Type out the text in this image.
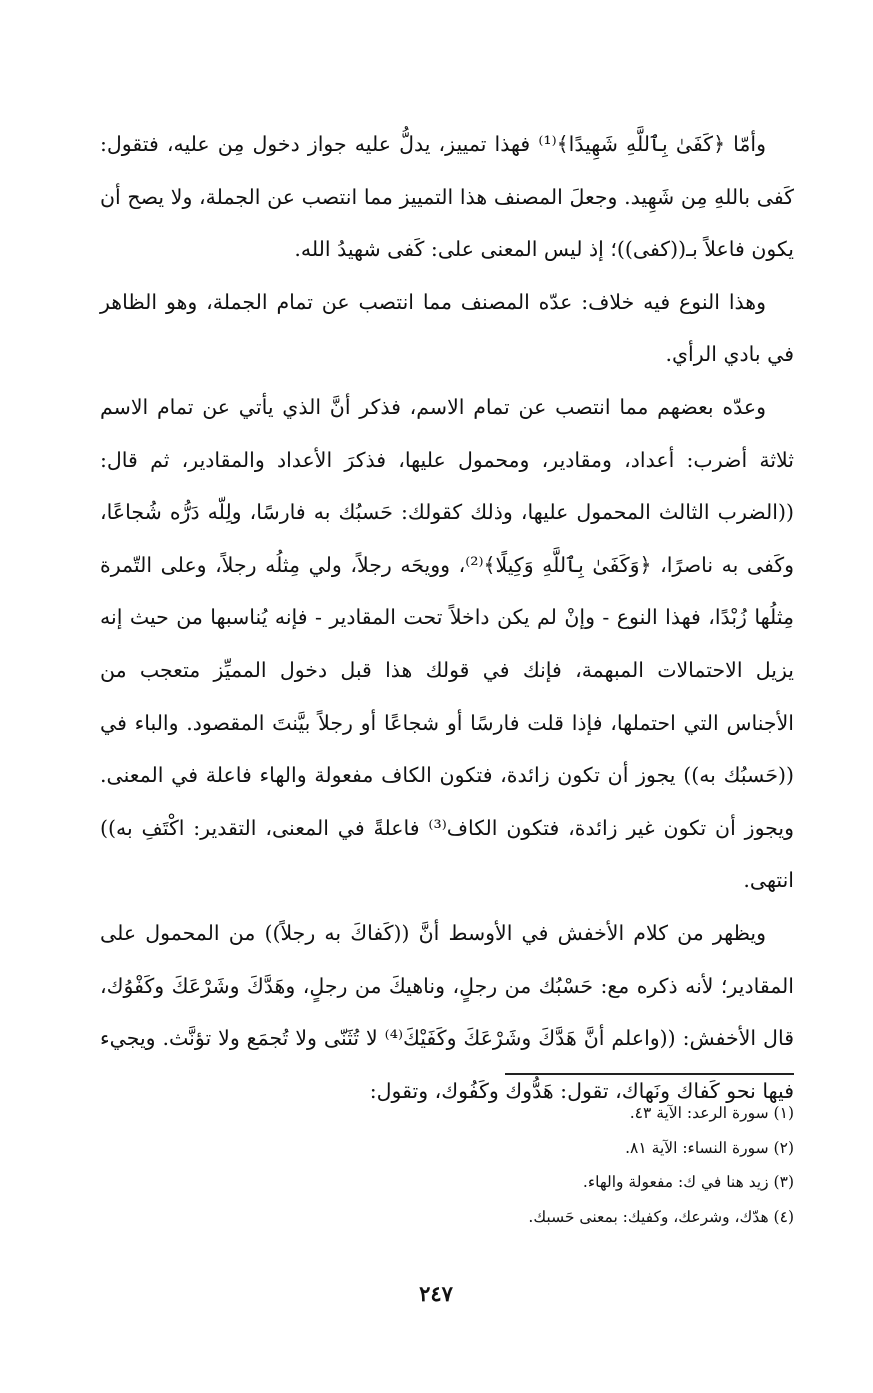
وأمّا ﴿كَفَىٰ بِٱللَّهِ شَهِيدًا﴾⁽¹⁾ فهذا تمييز، يدلُّ عليه جواز دخول مِن عليه، فتقول: كَفى باللهِ مِن شَهِيد. وجعلَ المصنف هذا التمييز مما انتصب عن الجملة، ولا يصح أن يكون فاعلاً بـ((كفى))؛ إذ ليس المعنى على: كَفى شهيدُ الله.

وهذا النوع فيه خلاف: عدّه المصنف مما انتصب عن تمام الجملة، وهو الظاهر في بادي الرأي.

وعدّه بعضهم مما انتصب عن تمام الاسم، فذكر أنَّ الذي يأتي عن تمام الاسم ثلاثة أضرب: أعداد، ومقادير، ومحمول عليها، فذكرَ الأعداد والمقادير، ثم قال: ((الضرب الثالث المحمول عليها، وذلك كقولك: حَسبُك به فارسًا، ولِلّه دَرُّه شُجاعًا، وكَفى به ناصرًا، ﴿وَكَفَىٰ بِٱللَّهِ وَكِيلًا﴾⁽²⁾، وويحَه رجلاً، ولي مِثلُه رجلاً، وعلى التّمرة مِثلُها زُبْدًا، فهذا النوع - وإنْ لم يكن داخلاً تحت المقادير - فإنه يُناسبها من حيث إنه يزيل الاحتمالات المبهمة، فإنك في قولك هذا قبل دخول المميِّز متعجب من الأجناس التي احتملها، فإذا قلت فارسًا أو شجاعًا أو رجلاً بيَّنتَ المقصود. والباء في ((حَسبُك به)) يجوز أن تكون زائدة، فتكون الكاف مفعولة والهاء فاعلة في المعنى. ويجوز أن تكون غير زائدة، فتكون الكاف⁽³⁾ فاعلةً في المعنى، التقدير: اكْتَفِ به)) انتهى.

ويظهر من كلام الأخفش في الأوسط أنَّ ((كَفاكَ به رجلاً)) من المحمول على المقادير؛ لأنه ذكره مع: حَسْبُك من رجلٍ، وناهيكَ من رجلٍ، وهَدَّكَ وشَرْعَكَ وكَفْوُك، قال الأخفش: ((واعلم أنَّ هَدَّكَ وشَرْعَكَ وكَفَيْكَ⁽⁴⁾ لا تُثَنّى ولا تُجمَع ولا تؤنَّث. ويجيء فيها نحو كَفاك ونَهاك، تقول: هَدُّوك وكَفُوك، وتقول:

(١) سورة الرعد: الآية ٤٣.

(٢) سورة النساء: الآية ٨١.

(٣) زيد هنا في ك: مفعولة والهاء.

(٤) هدّك، وشرعك، وكفيك: بمعنى حَسبك.

٢٤٧
